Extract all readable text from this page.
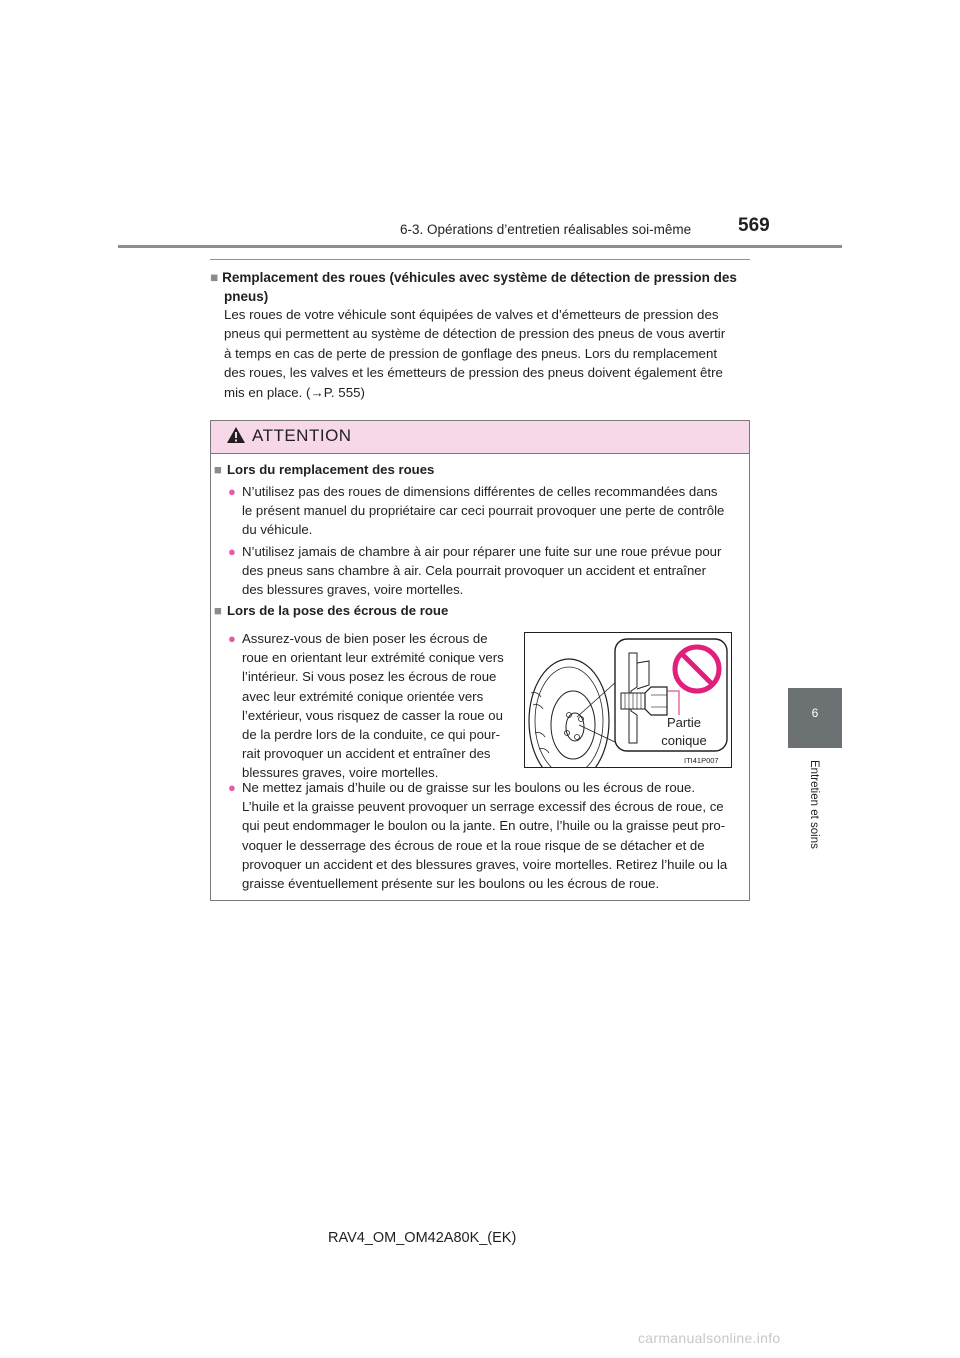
6-3. Opérations d’entretien réalisables soi-même	569
6
Entretien et soins
■ Remplacement des roues (véhicules avec système de détection de pression des
pneus)
Les roues de votre véhicule sont équipées de valves et d’émetteurs de pression des
pneus qui permettent au système de détection de pression des pneus de vous avertir
à temps en cas de perte de pression de gonflage des pneus. Lors du remplacement
des roues, les valves et les émetteurs de pression des pneus doivent également être
mis en place. (→P. 555)
ATTENTION
■ Lors du remplacement des roues
● N’utilisez pas des roues de dimensions différentes de celles recommandées dans
le présent manuel du propriétaire car ceci pourrait provoquer une perte de contrôle
du véhicule.
● N’utilisez jamais de chambre à air pour réparer une fuite sur une roue prévue pour
des pneus sans chambre à air. Cela pourrait provoquer un accident et entraîner
des blessures graves, voire mortelles.
■ Lors de la pose des écrous de roue
● Assurez-vous de bien poser les écrous de
roue en orientant leur extrémité conique vers
l’intérieur. Si vous posez les écrous de roue
avec leur extrémité conique orientée vers
l’extérieur, vous risquez de casser la roue ou
de la perdre lors de la conduite, ce qui pour-
rait provoquer un accident et entraîner des
blessures graves, voire mortelles.
Partie
conique
ITI41P007
● Ne mettez jamais d’huile ou de graisse sur les boulons ou les écrous de roue.
L’huile et la graisse peuvent provoquer un serrage excessif des écrous de roue, ce
qui peut endommager le boulon ou la jante. En outre, l’huile ou la graisse peut pro-
voquer le desserrage des écrous de roue et la roue risque de se détacher et de
provoquer un accident et des blessures graves, voire mortelles. Retirez l’huile ou la
graisse éventuellement présente sur les boulons ou les écrous de roue.
RAV4_OM_OM42A80K_(EK)
carmanualsonline.info
